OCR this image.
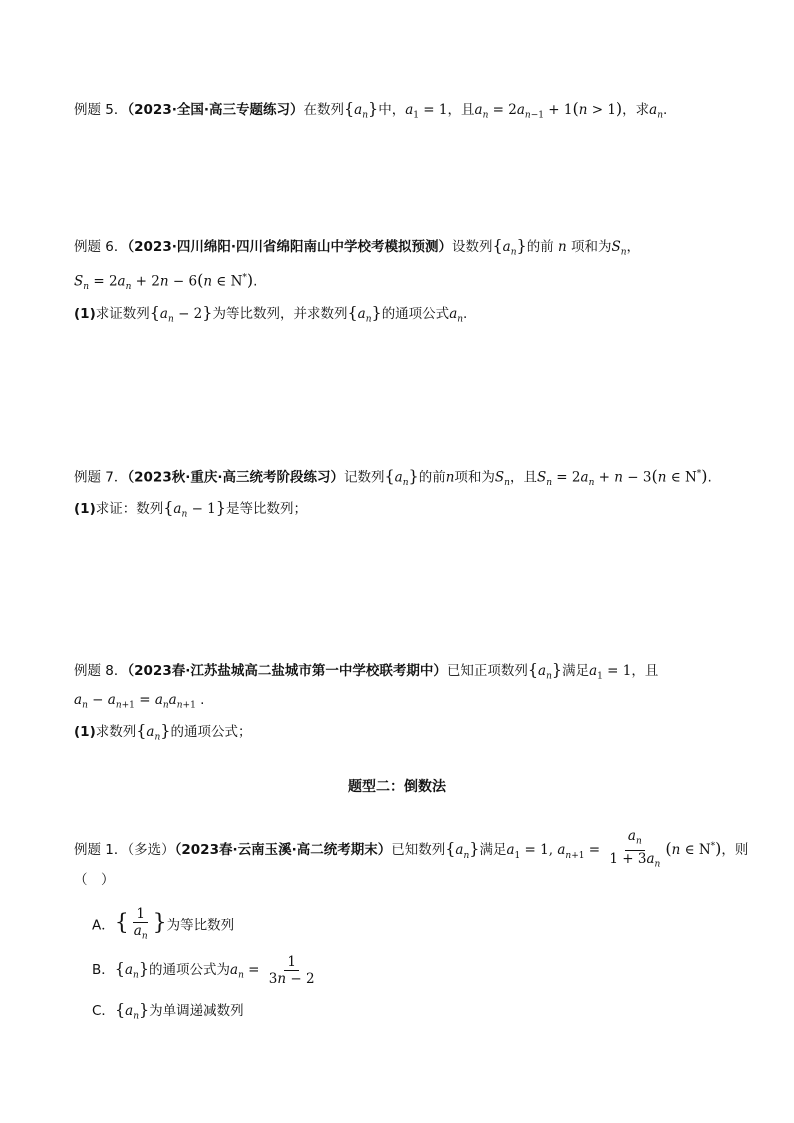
例题 5．（2023·全国·高三专题练习）在数列$\{a_n\}$中，$a_1 = 1$，且$a_n = 2a_{n-1} + 1(n > 1)$，求$a_n$.
例题 6．（2023·四川绵阳·四川省绵阳南山中学校考模拟预测）设数列$\{a_n\}$的前 n 项和为$S_n$，
$S_n = 2a_n + 2n - 6(n$ ∈ N*).
(1)求证数列$\{a_n - 2\}$为等比数列，并求数列$\{a_n\}$的通项公式$a_n$.
例题 7．（2023秋·重庆·高三统考阶段练习）记数列$\{a_n\}$的前n项和为$S_n$，且$S_n = 2a_n + n - 3(n$ ∈ N*).
(1)求证：数列$\{a_n - 1\}$是等比数列；
例题 8．（2023春·江苏盐城高二盐城市第一中学校联考期中）已知正项数列$\{a_n\}$满足$a_1 = 1$，且
$a_n - a_{n+1} = a_na_{n+1}$ .
(1)求数列$\{a_n\}$的通项公式；
题型二：倒数法
例题 1．（多选）（2023春·云南玉溪·高二统考期末）已知数列$\{a_n\}$满足$a_1 = 1$, $a_{n+1} = \frac{a_n}{1 + 3a_n} (n$ ∈ N*)，则
（　）
A．{ $\frac{1}{a_n}$ }为等比数列
B．$\{a_n\}$的通项公式为$a_n = \frac{1}{3n - 2}$
C．$\{a_n\}$为单调递减数列
